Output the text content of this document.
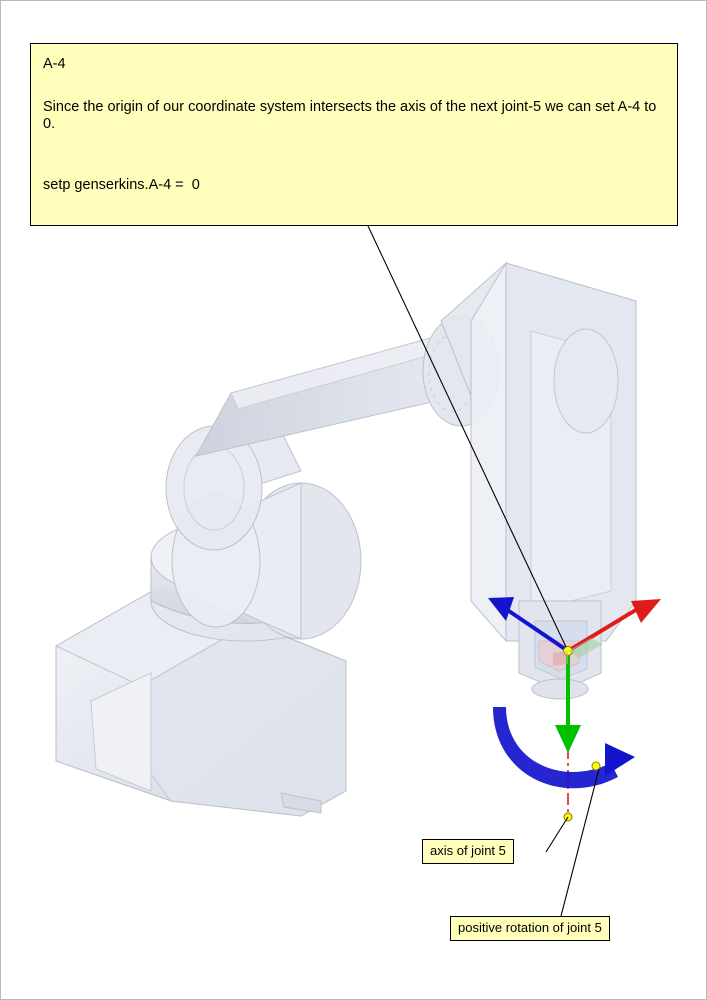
A-4
Since the origin of our coordinate system intersects the axis of the next joint-5 we can set A-4 to 0.
setp genserkins.A-4 =  0
axis of joint 5
positive rotation of joint 5
